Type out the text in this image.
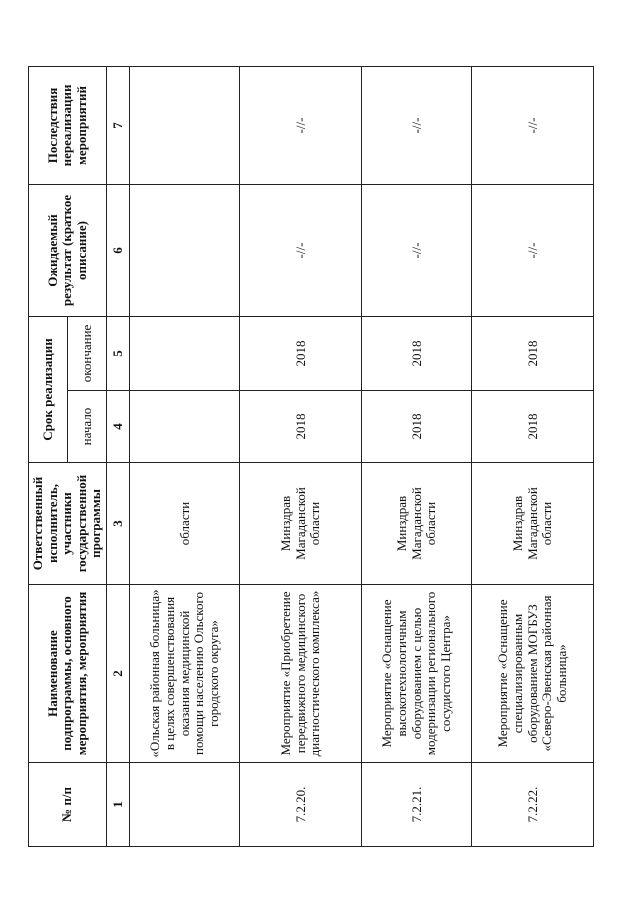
№ п/п	Наименование подпрограммы, основного мероприятия, мероприятия	Ответственный исполнитель, участники государственной программы	Срок реализации		Ожидаемый результат (краткое описание)	Последствия нереализации мероприятий
			начало	окончание		
1	2	3	4	5	6	7
	«Ольская районная больница» в целях совершенствования оказания медицинской помощи населению Ольского городского округа»	области				
7.2.20.	Мероприятие «Приобретение передвижного медицинского диагностического комплекса»	Минздрав Магаданской области	2018	2018	-//-	-//-
7.2.21.	Мероприятие «Оснащение высокотехнологичным оборудованием с целью модернизации регионального сосудистого Центра»	Минздрав Магаданской области	2018	2018	-//-	-//-
7.2.22.	Мероприятие «Оснащение специализированным оборудованием МОГБУЗ «Северо-Эвенская районная больница»	Минздрав Магаданской области	2018	2018	-//-	-//-
